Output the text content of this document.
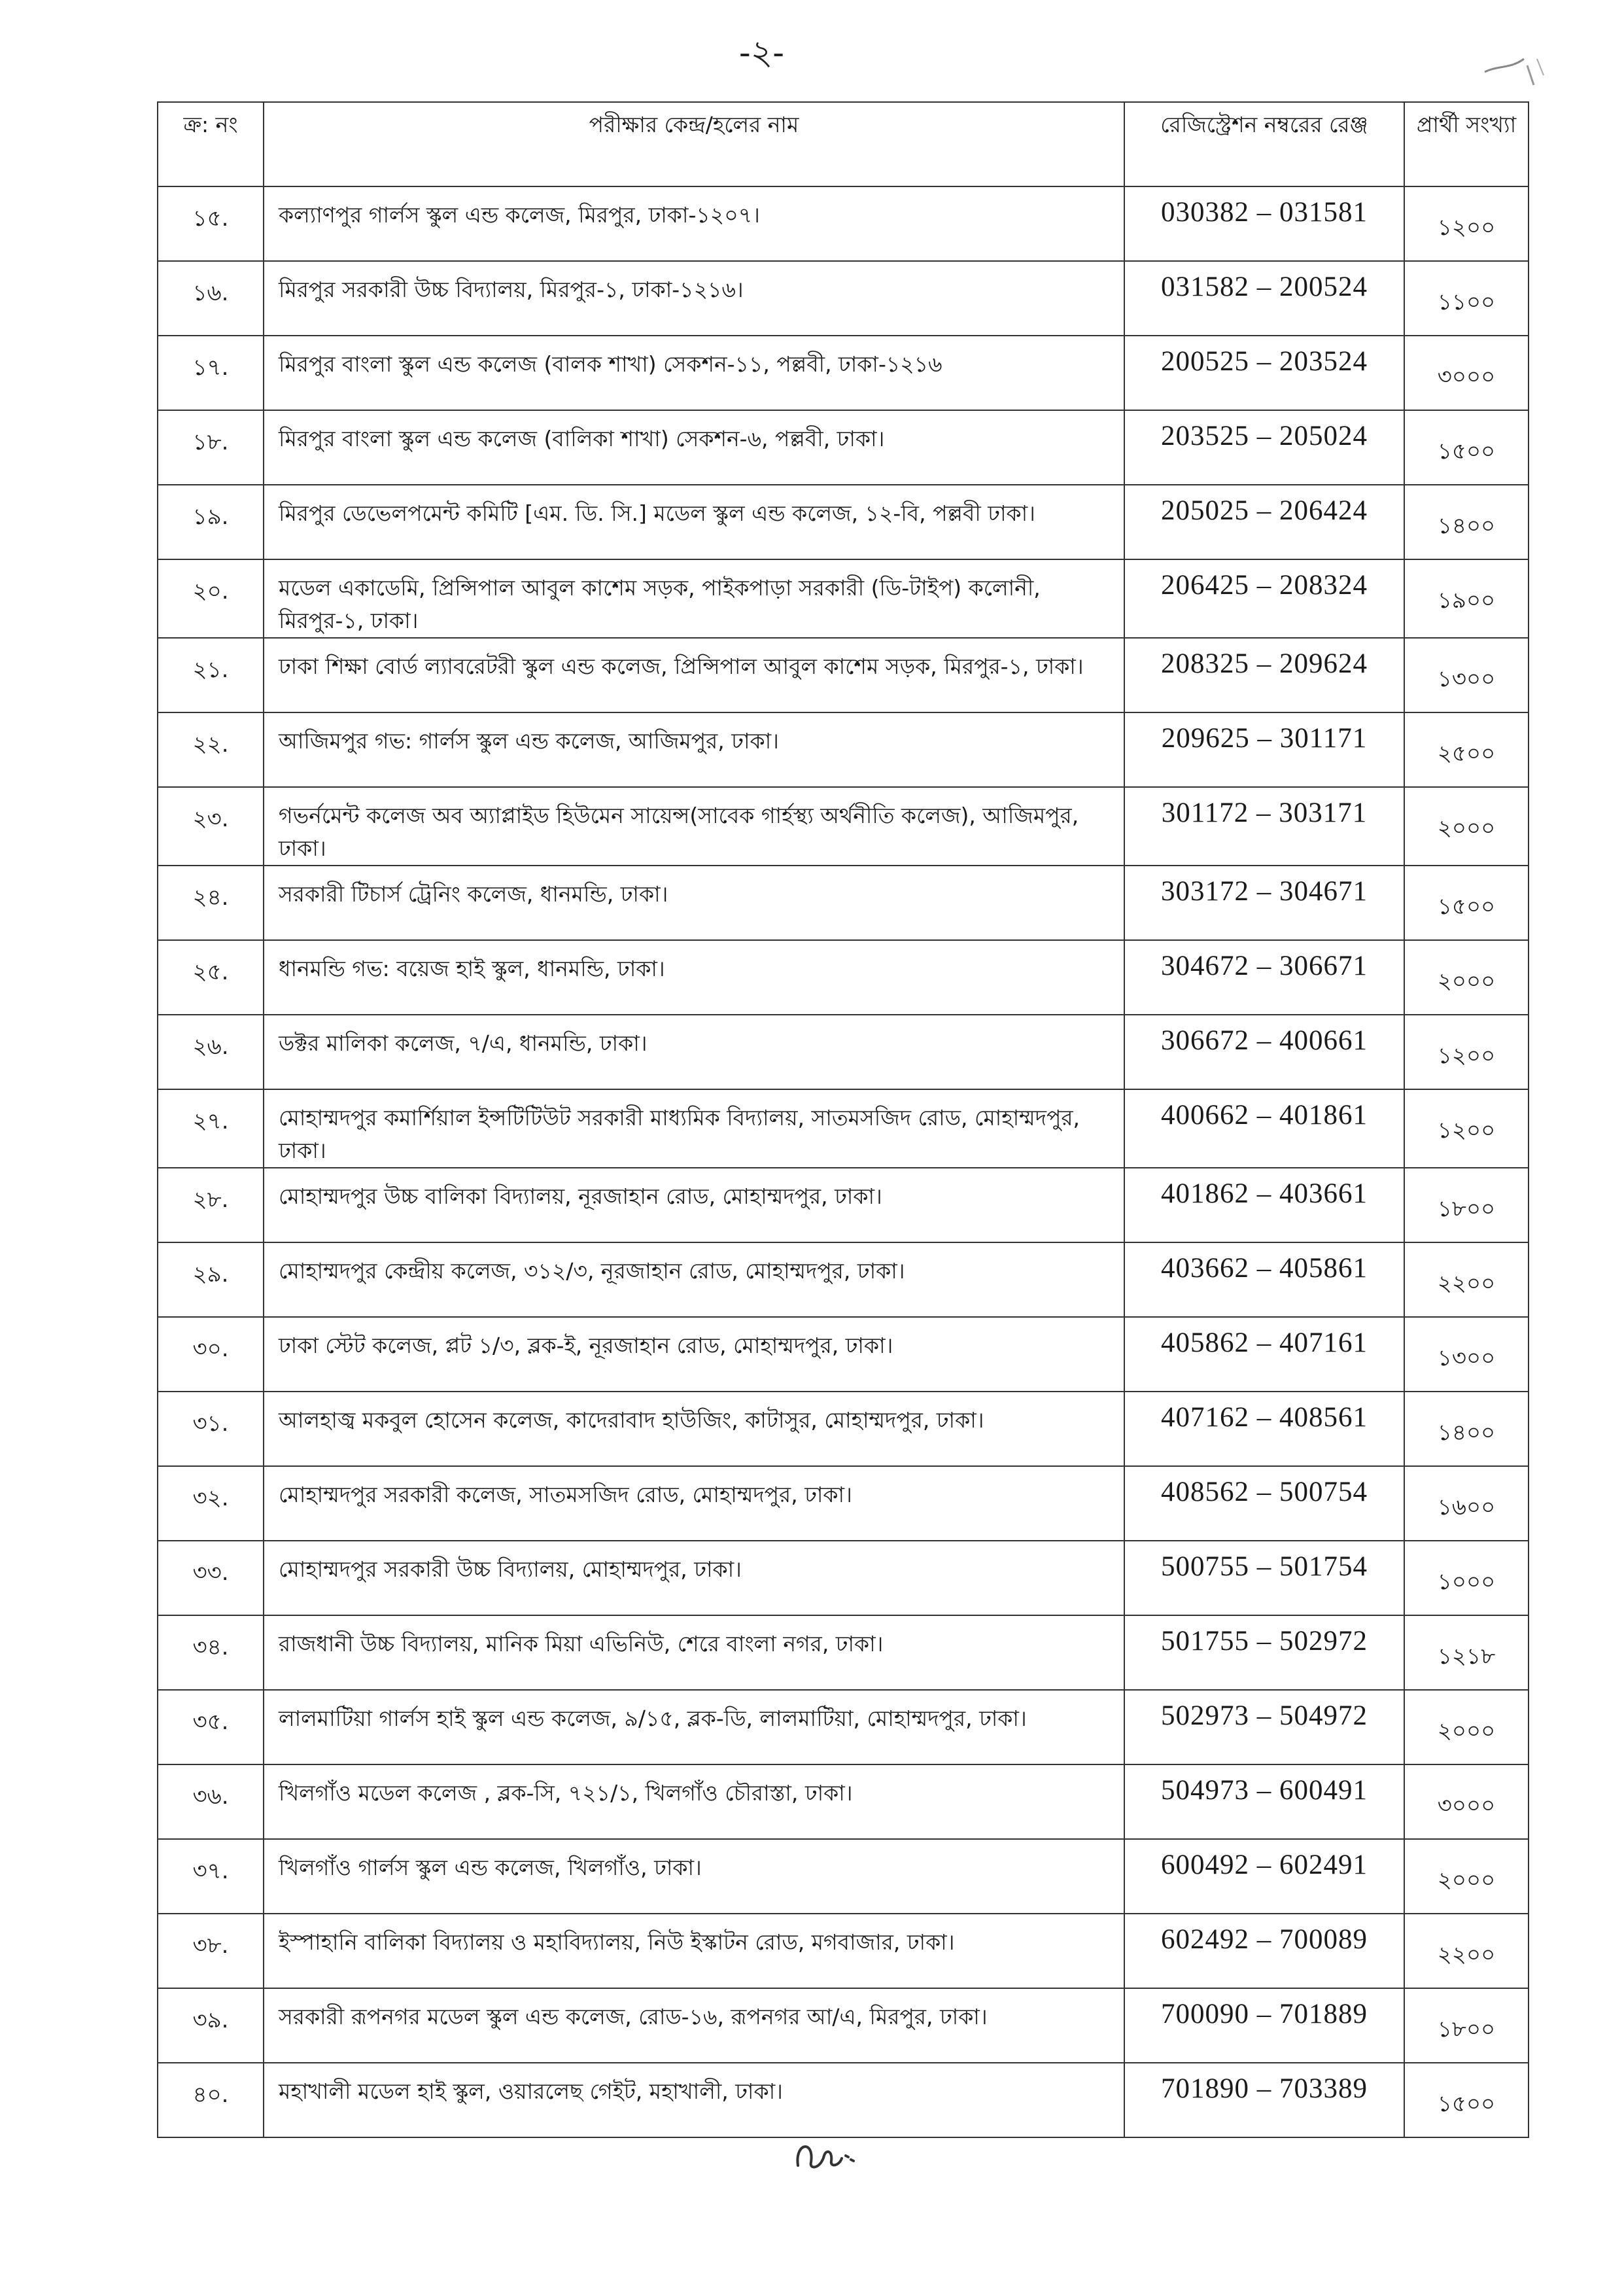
-২-
ক্র: নং	পরীক্ষার কেন্দ্র/হলের নাম	রেজিস্ট্রেশন নম্বরের রেঞ্জ	প্রার্থী সংখ্যা
১৫.	কল্যাণপুর গার্লস স্কুল এন্ড কলেজ, মিরপুর, ঢাকা-১২০৭।	030382 – 031581	১২০০
১৬.	মিরপুর সরকারী উচ্চ বিদ্যালয়, মিরপুর-১, ঢাকা-১২১৬।	031582 – 200524	১১০০
১৭.	মিরপুর বাংলা স্কুল এন্ড কলেজ (বালক শাখা) সেকশন-১১, পল্লবী, ঢাকা-১২১৬	200525 – 203524	৩০০০
১৮.	মিরপুর বাংলা স্কুল এন্ড কলেজ (বালিকা শাখা) সেকশন-৬, পল্লবী, ঢাকা।	203525 – 205024	১৫০০
১৯.	মিরপুর ডেভেলপমেন্ট কমিটি [এম. ডি. সি.] মডেল স্কুল এন্ড কলেজ, ১২-বি, পল্লবী ঢাকা।	205025 – 206424	১৪০০
২০.	মডেল একাডেমি, প্রিন্সিপাল আবুল কাশেম সড়ক, পাইকপাড়া সরকারী (ডি-টাইপ) কলোনী, মিরপুর-১, ঢাকা।	206425 – 208324	১৯০০
২১.	ঢাকা শিক্ষা বোর্ড ল্যাবরেটরী স্কুল এন্ড কলেজ, প্রিন্সিপাল আবুল কাশেম সড়ক, মিরপুর-১, ঢাকা।	208325 – 209624	১৩০০
২২.	আজিমপুর গভ: গার্লস স্কুল এন্ড কলেজ, আজিমপুর, ঢাকা।	209625 – 301171	২৫০০
২৩.	গভর্নমেন্ট কলেজ অব অ্যাপ্লাইড হিউমেন সায়েন্স(সাবেক গার্হস্থ্য অর্থনীতি কলেজ), আজিমপুর, ঢাকা।	301172 – 303171	২০০০
২৪.	সরকারী টিচার্স ট্রেনিং কলেজ, ধানমন্ডি, ঢাকা।	303172 – 304671	১৫০০
২৫.	ধানমন্ডি গভ: বয়েজ হাই স্কুল, ধানমন্ডি, ঢাকা।	304672 – 306671	২০০০
২৬.	ডক্টর মালিকা কলেজ, ৭/এ, ধানমন্ডি, ঢাকা।	306672 – 400661	১২০০
২৭.	মোহাম্মদপুর কমার্শিয়াল ইন্সটিটিউট সরকারী মাধ্যমিক বিদ্যালয়, সাতমসজিদ রোড, মোহাম্মদপুর, ঢাকা।	400662 – 401861	১২০০
২৮.	মোহাম্মদপুর উচ্চ বালিকা বিদ্যালয়, নূরজাহান রোড, মোহাম্মদপুর, ঢাকা।	401862 – 403661	১৮০০
২৯.	মোহাম্মদপুর কেন্দ্রীয় কলেজ, ৩১২/৩, নূরজাহান রোড, মোহাম্মদপুর, ঢাকা।	403662 – 405861	২২০০
৩০.	ঢাকা স্টেট কলেজ, প্লট ১/৩, ব্লক-ই, নূরজাহান রোড, মোহাম্মদপুর, ঢাকা।	405862 – 407161	১৩০০
৩১.	আলহাজ্ব মকবুল হোসেন কলেজ, কাদেরাবাদ হাউজিং, কাটাসুর, মোহাম্মদপুর, ঢাকা।	407162 – 408561	১৪০০
৩২.	মোহাম্মদপুর সরকারী কলেজ, সাতমসজিদ রোড, মোহাম্মদপুর, ঢাকা।	408562 – 500754	১৬০০
৩৩.	মোহাম্মদপুর সরকারী উচ্চ বিদ্যালয়, মোহাম্মদপুর, ঢাকা।	500755 – 501754	১০০০
৩৪.	রাজধানী উচ্চ বিদ্যালয়, মানিক মিয়া এভিনিউ, শেরে বাংলা নগর, ঢাকা।	501755 – 502972	১২১৮
৩৫.	লালমাটিয়া গার্লস হাই স্কুল এন্ড কলেজ, ৯/১৫, ব্লক-ডি, লালমাটিয়া, মোহাম্মদপুর, ঢাকা।	502973 – 504972	২০০০
৩৬.	খিলগাঁও মডেল কলেজ , ব্লক-সি, ৭২১/১, খিলগাঁও চৌরাস্তা, ঢাকা।	504973 – 600491	৩০০০
৩৭.	খিলগাঁও গার্লস স্কুল এন্ড কলেজ, খিলগাঁও, ঢাকা।	600492 – 602491	২০০০
৩৮.	ইস্পাহানি বালিকা বিদ্যালয় ও মহাবিদ্যালয়, নিউ ইস্কাটন রোড, মগবাজার, ঢাকা।	602492 – 700089	২২০০
৩৯.	সরকারী রূপনগর মডেল স্কুল এন্ড কলেজ, রোড-১৬, রূপনগর আ/এ, মিরপুর, ঢাকা।	700090 – 701889	১৮০০
৪০.	মহাখালী মডেল হাই স্কুল, ওয়ারলেছ গেইট, মহাখালী, ঢাকা।	701890 – 703389	১৫০০
